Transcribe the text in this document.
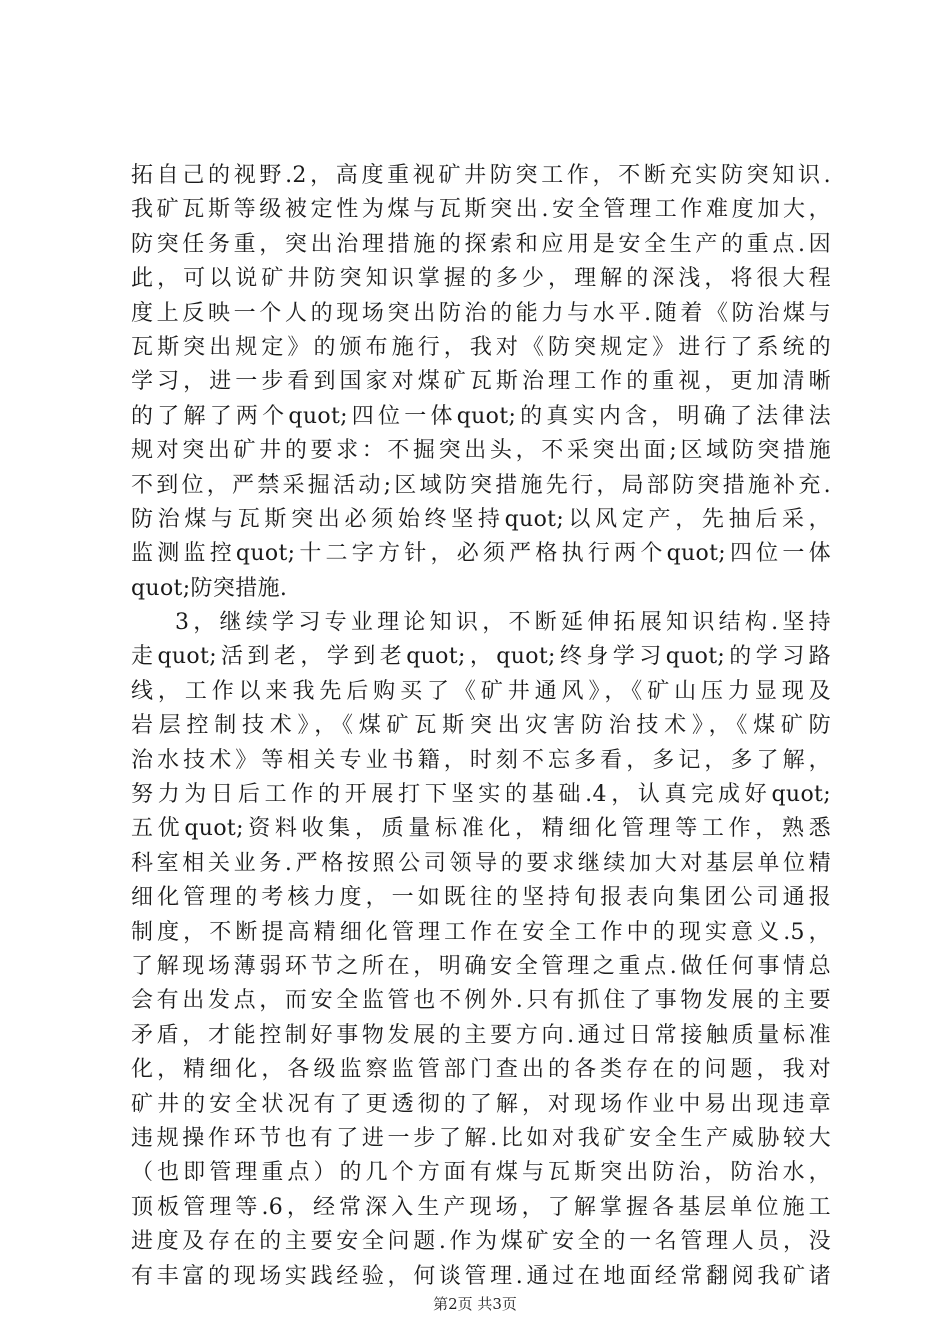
拓自己的视野.2，高度重视矿井防突工作，不断充实防突知识.
我矿瓦斯等级被定性为煤与瓦斯突出.安全管理工作难度加大，
防突任务重，突出治理措施的探索和应用是安全生产的重点.因
此，可以说矿井防突知识掌握的多少，理解的深浅，将很大程
度上反映一个人的现场突出防治的能力与水平.随着《防治煤与
瓦斯突出规定》的颁布施行，我对《防突规定》进行了系统的
学习，进一步看到国家对煤矿瓦斯治理工作的重视，更加清晰
的了解了两个quot;四位一体quot;的真实内含，明确了法律法
规对突出矿井的要求：不掘突出头，不采突出面;区域防突措施
不到位，严禁采掘活动;区域防突措施先行，局部防突措施补充.
防治煤与瓦斯突出必须始终坚持quot;以风定产，先抽后采，
监测监控quot;十二字方针，必须严格执行两个quot;四位一体
quot;防突措施.
3，继续学习专业理论知识，不断延伸拓展知识结构.坚持
走quot;活到老，学到老quot;，quot;终身学习quot;的学习路
线，工作以来我先后购买了《矿井通风》，《矿山压力显现及
岩层控制技术》，《煤矿瓦斯突出灾害防治技术》，《煤矿防
治水技术》等相关专业书籍，时刻不忘多看，多记，多了解，
努力为日后工作的开展打下坚实的基础.4，认真完成好quot;
五优quot;资料收集，质量标准化，精细化管理等工作，熟悉
科室相关业务.严格按照公司领导的要求继续加大对基层单位精
细化管理的考核力度，一如既往的坚持旬报表向集团公司通报
制度，不断提高精细化管理工作在安全工作中的现实意义.5，
了解现场薄弱环节之所在，明确安全管理之重点.做任何事情总
会有出发点，而安全监管也不例外.只有抓住了事物发展的主要
矛盾，才能控制好事物发展的主要方向.通过日常接触质量标准
化，精细化，各级监察监管部门查出的各类存在的问题，我对
矿井的安全状况有了更透彻的了解，对现场作业中易出现违章
违规操作环节也有了进一步了解.比如对我矿安全生产威胁较大
（也即管理重点）的几个方面有煤与瓦斯突出防治，防治水，
顶板管理等.6，经常深入生产现场，了解掌握各基层单位施工
进度及存在的主要安全问题.作为煤矿安全的一名管理人员，没
有丰富的现场实践经验，何谈管理.通过在地面经常翻阅我矿诸
第2页 共3页
